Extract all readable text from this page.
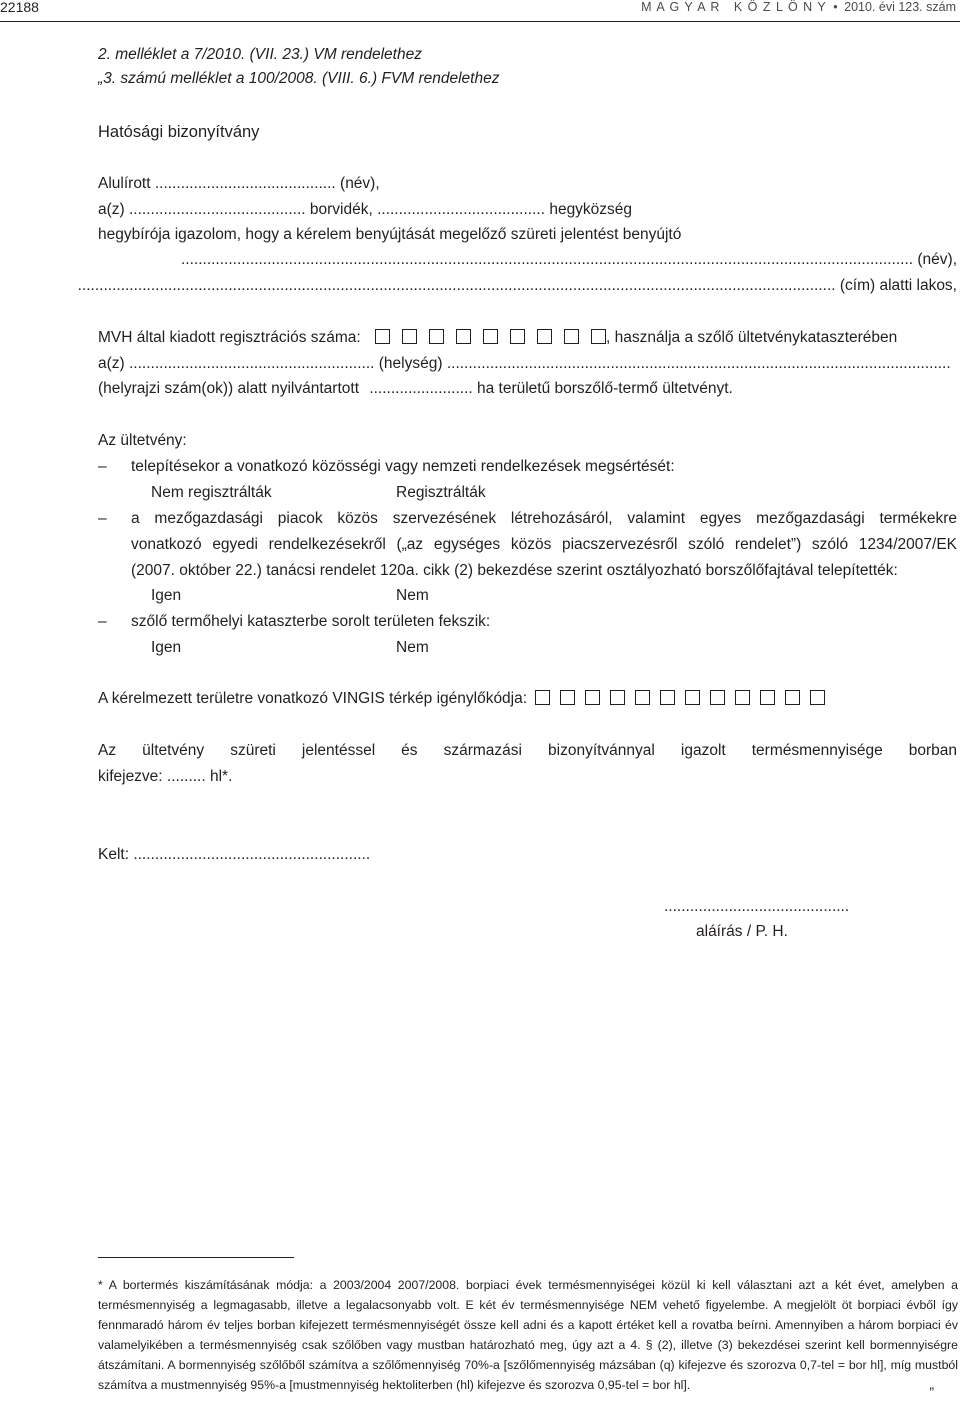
22188	M A G Y A R   K Ö Z L Ö N Y • 2010. évi 123. szám
2. melléklet a 7/2010. (VII. 23.) VM rendelethez
„3. számú melléklet a 100/2008. (VIII. 6.) FVM rendelethez
Hatósági bizonyítvány
Alulírott .......................................... (név),
a(z) ......................................... borvidék, ....................................... hegyközség
hegybírója igazolom, hogy a kérelem benyújtását megelőző szüreti jelentést benyújtó
.......................................................................................................................................................................... (név),
................................................................................................................................................................................ (cím) alatti lakos,
MVH által kiadott regisztrációs száma:	, használja a szőlő ültetvénykataszterében
a(z) ......................................................... (helység) .....................................................................................................................
(helyrajzi szám(ok)) alatt nyilvántartott ........................ ha területű borszőlő-termő ültetvényt.
Az ültetvény:
– telepítésekor a vonatkozó közösségi vagy nemzeti rendelkezések megsértését:
Nem regisztrálták	Regisztrálták
– a mezőgazdasági piacok közös szervezésének létrehozásáról, valamint egyes mezőgazdasági termékekre
vonatkozó egyedi rendelkezésekről („az egységes közös piacszervezésről szóló rendelet”) szóló 1234/2007/EK
(2007. október 22.) tanácsi rendelet 120a. cikk (2) bekezdése szerint osztályozható borszőlőfajtával telepítették:
Igen	Nem
– szőlő termőhelyi kataszterbe sorolt területen fekszik:
Igen	Nem
A kérelmezett területre vonatkozó VINGIS térkép igénylőkódja:
Az ültetvény szüreti jelentéssel és származási bizonyítvánnyal igazolt termésmennyisége borban
kifejezve: ......... hl*.
Kelt: .......................................................
...........................................
aláírás / P. H.
* A bortermés kiszámításának módja: a 2003/2004 2007/2008. borpiaci évek termésmennyiségei közül ki kell választani azt a két évet, amelyben a termésmennyiség a legmagasabb, illetve a legalacsonyabb volt. E két év termésmennyisége NEM vehető figyelembe. A megjelölt öt borpiaci évből így fennmaradó három év teljes borban kifejezett termésmennyiségét össze kell adni és a kapott értéket kell a rovatba beírni. Amennyiben a három borpiaci év valamelyikében a termésmennyiség csak szőlőben vagy mustban határozható meg, úgy azt a 4. § (2), illetve (3) bekezdései szerint kell bormennyiségre átszámítani. A bormennyiség szőlőből számítva a szőlőmennyiség 70%-a [szőlőmennyiség mázsában (q) kifejezve és szorozva 0,7-tel = bor hl], míg mustból számítva a mustmennyiség 95%-a [mustmennyiség hektoliterben (hl) kifejezve és szorozva 0,95-tel = bor hl].	”
